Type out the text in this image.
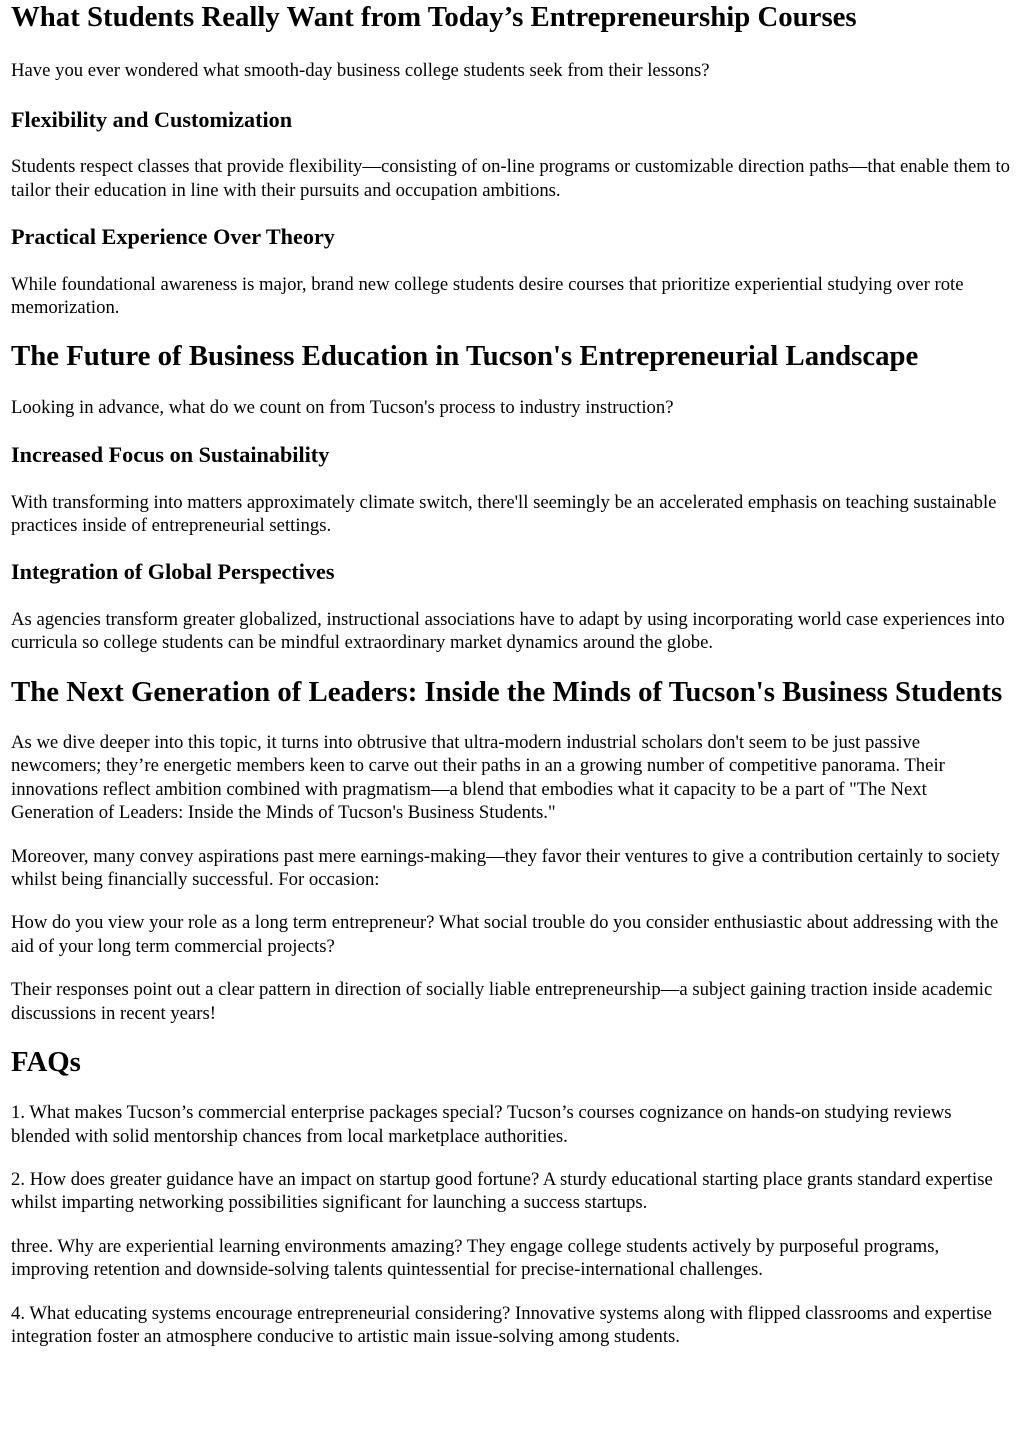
What Students Really Want from Today’s Entrepreneurship Courses

Have you ever wondered what smooth-day business college students seek from their lessons?

Flexibility and Customization

Students respect classes that provide flexibility—consisting of on-line programs or customizable direction paths—that enable them to tailor their education in line with their pursuits and occupation ambitions.

Practical Experience Over Theory

While foundational awareness is major, brand new college students desire courses that prioritize experiential studying over rote memorization.

The Future of Business Education in Tucson's Entrepreneurial Landscape

Looking in advance, what do we count on from Tucson's process to industry instruction?

Increased Focus on Sustainability

With transforming into matters approximately climate switch, there'll seemingly be an accelerated emphasis on teaching sustainable practices inside of entrepreneurial settings.

Integration of Global Perspectives

As agencies transform greater globalized, instructional associations have to adapt by using incorporating world case experiences into curricula so college students can be mindful extraordinary market dynamics around the globe.

The Next Generation of Leaders: Inside the Minds of Tucson's Business Students

As we dive deeper into this topic, it turns into obtrusive that ultra-modern industrial scholars don't seem to be just passive newcomers; they’re energetic members keen to carve out their paths in an a growing number of competitive panorama. Their innovations reflect ambition combined with pragmatism—a blend that embodies what it capacity to be a part of "The Next Generation of Leaders: Inside the Minds of Tucson's Business Students."

Moreover, many convey aspirations past mere earnings-making—they favor their ventures to give a contribution certainly to society whilst being financially successful. For occasion:

How do you view your role as a long term entrepreneur? What social trouble do you consider enthusiastic about addressing with the aid of your long term commercial projects?

Their responses point out a clear pattern in direction of socially liable entrepreneurship—a subject gaining traction inside academic discussions in recent years!

FAQs

1. What makes Tucson’s commercial enterprise packages special? Tucson’s courses cognizance on hands-on studying reviews blended with solid mentorship chances from local marketplace authorities.

2. How does greater guidance have an impact on startup good fortune? A sturdy educational starting place grants standard expertise whilst imparting networking possibilities significant for launching a success startups.

three. Why are experiential learning environments amazing? They engage college students actively by purposeful programs, improving retention and downside-solving talents quintessential for precise-international challenges.

4. What educating systems encourage entrepreneurial considering? Innovative systems along with flipped classrooms and expertise integration foster an atmosphere conducive to artistic main issue-solving among students.
